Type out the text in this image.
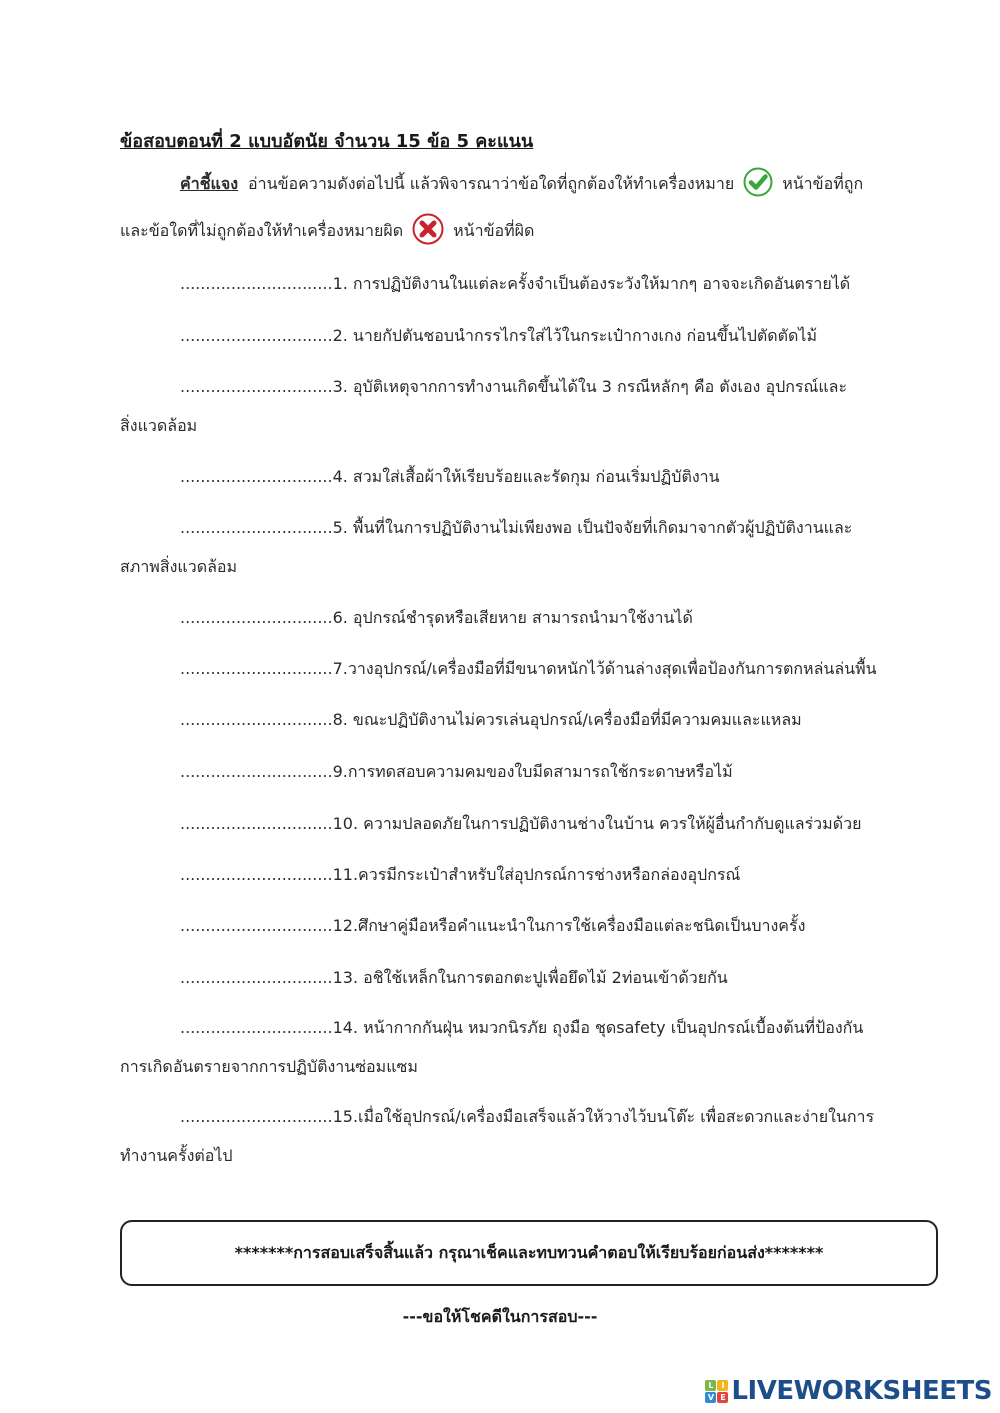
ข้อสอบตอนที่ 2 แบบอัตนัย จำนวน 15 ข้อ 5 คะแนน
คำชี้แจง อ่านข้อความดังต่อไปนี้ แล้วพิจารณาว่าข้อใดที่ถูกต้องให้ทำเครื่องหมาย	หน้าข้อที่ถูก
และข้อใดที่ไม่ถูกต้องให้ทำเครื่องหมายผิด	หน้าข้อที่ผิด
..............................1. การปฏิบัติงานในแต่ละครั้งจำเป็นต้องระวังให้มากๆ อาจจะเกิดอันตรายได้
..............................2. นายกัปตันชอบนำกรรไกรใส่ไว้ในกระเป๋ากางเกง ก่อนขึ้นไปตัดตัดไม้
..............................3. อุบัติเหตุจากการทำงานเกิดขึ้นได้ใน 3 กรณีหลักๆ คือ ตังเอง อุปกรณ์และ
สิ่งแวดล้อม
..............................4. สวมใส่เสื้อผ้าให้เรียบร้อยและรัดกุม ก่อนเริ่มปฏิบัติงาน
..............................5. พื้นที่ในการปฏิบัติงานไม่เพียงพอ เป็นปัจจัยที่เกิดมาจากตัวผู้ปฏิบัติงานและ
สภาพสิ่งแวดล้อม
..............................6. อุปกรณ์ชำรุดหรือเสียหาย สามารถนำมาใช้งานได้
..............................7.วางอุปกรณ์/เครื่องมือที่มีขนาดหนักไว้ด้านล่างสุดเพื่อป้องกันการตกหล่นล่นพื้น
..............................8. ขณะปฏิบัติงานไม่ควรเล่นอุปกรณ์/เครื่องมือที่มีความคมและแหลม
..............................9.การทดสอบความคมของใบมีดสามารถใช้กระดาษหรือไม้
..............................10. ความปลอดภัยในการปฏิบัติงานช่างในบ้าน ควรให้ผู้อื่นกำกับดูแลร่วมด้วย
..............................11.ควรมีกระเป๋าสำหรับใส่อุปกรณ์การช่างหรือกล่องอุปกรณ์
..............................12.ศึกษาคู่มือหรือคำแนะนำในการใช้เครื่องมือแต่ละชนิดเป็นบางครั้ง
..............................13. อชิใช้เหล็กในการตอกตะปูเพื่อยึดไม้ 2ท่อนเข้าด้วยกัน
..............................14. หน้ากากกันฝุ่น หมวกนิรภัย ถุงมือ ชุดsafety เป็นอุปกรณ์เบื้องต้นที่ป้องกัน
การเกิดอันตรายจากการปฏิบัติงานซ่อมแซม
..............................15.เมื่อใช้อุปกรณ์/เครื่องมือเสร็จแล้วให้วางไว้บนโต๊ะ เพื่อสะดวกและง่ายในการ
ทำงานครั้งต่อไป
*******การสอบเสร็จสิ้นแล้ว กรุณาเช็คและทบทวนคำตอบให้เรียบร้อยก่อนส่ง*******
---ขอให้โชคดีในการสอบ---
L I
V E LIVEWORKSHEETS
